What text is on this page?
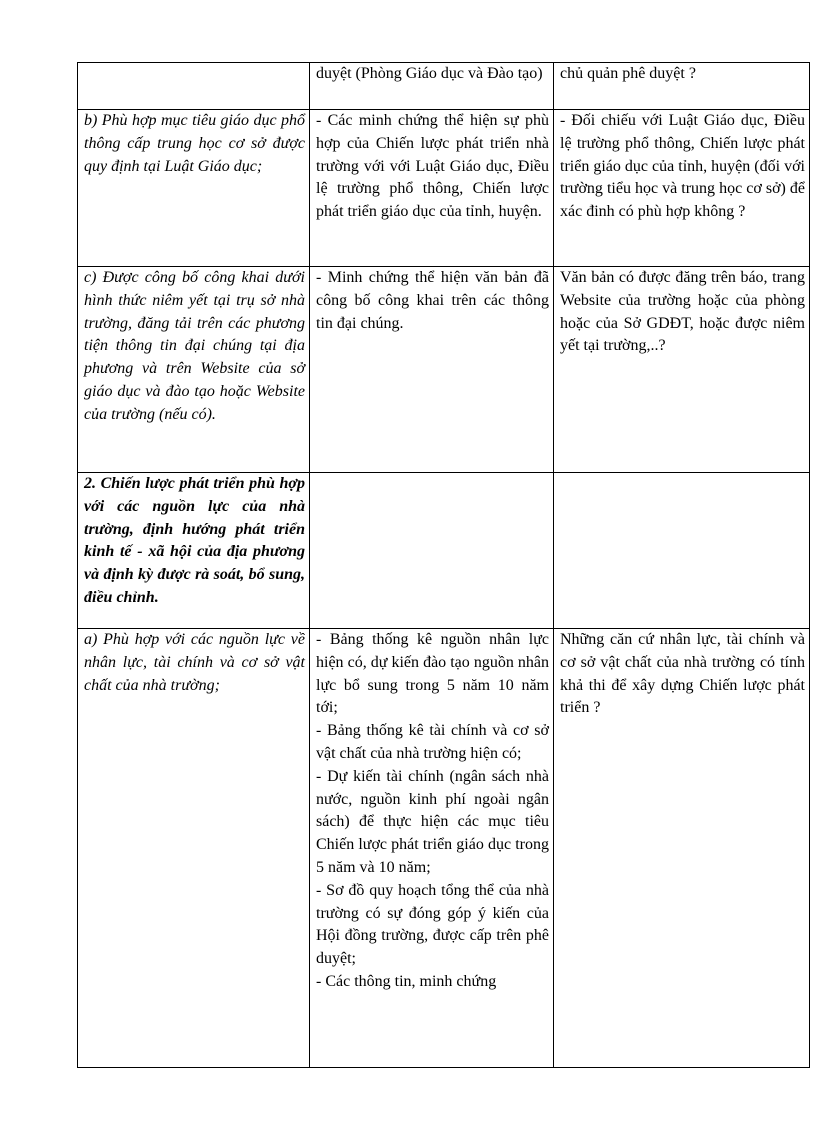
	duyệt (Phòng Giáo dục và Đào tạo)	chủ quản phê duyệt ?
b) Phù hợp mục tiêu giáo dục phổ thông cấp trung học cơ sở được quy định tại Luật Giáo dục;	- Các minh chứng thể hiện sự phù hợp của Chiến lược phát triển nhà trường với với Luật Giáo dục, Điều lệ trường phổ thông, Chiến lược phát triển giáo dục của tỉnh, huyện.	- Đối chiếu với Luật Giáo dục, Điều lệ trường phổ thông, Chiến lược phát triển giáo dục của tỉnh, huyện (đối với trường tiểu học và trung học cơ sở) để xác đinh có phù hợp không ?
c) Được công bố công khai dưới hình thức niêm yết tại trụ sở nhà trường, đăng tải trên các phương tiện thông tin đại chúng tại địa phương và trên Website của sở giáo dục và đào tạo hoặc Website của trường (nếu có).	- Minh chứng thể hiện văn bản đã công bố công khai trên các thông tin đại chúng.	Văn bản có được đăng trên báo, trang Website của trường hoặc của phòng hoặc của Sở GDĐT, hoặc được niêm yết tại trường,..?
2. Chiến lược phát triển phù hợp với các nguồn lực của nhà trường, định hướng phát triển kinh tế - xã hội của địa phương và định kỳ được rà soát, bổ sung, điều chỉnh.		
a) Phù hợp với các nguồn lực về nhân lực, tài chính và cơ sở vật chất của nhà trường;	- Bảng thống kê nguồn nhân lực hiện có, dự kiến đào tạo nguồn nhân lực bổ sung trong 5 năm 10 năm tới;
- Bảng thống kê tài chính và cơ sở vật chất của nhà trường hiện có;
- Dự kiến tài chính (ngân sách nhà nước, nguồn kinh phí ngoài ngân sách) để thực hiện các mục tiêu Chiến lược phát triển giáo dục trong 5 năm và 10 năm;
- Sơ đồ quy hoạch tổng thể của nhà trường có sự đóng góp ý kiến của Hội đồng trường, được cấp trên phê duyệt;
- Các thông tin, minh chứng	Những căn cứ nhân lực, tài chính và cơ sở vật chất của nhà trường có tính khả thi để xây dựng Chiến lược phát triển ?
